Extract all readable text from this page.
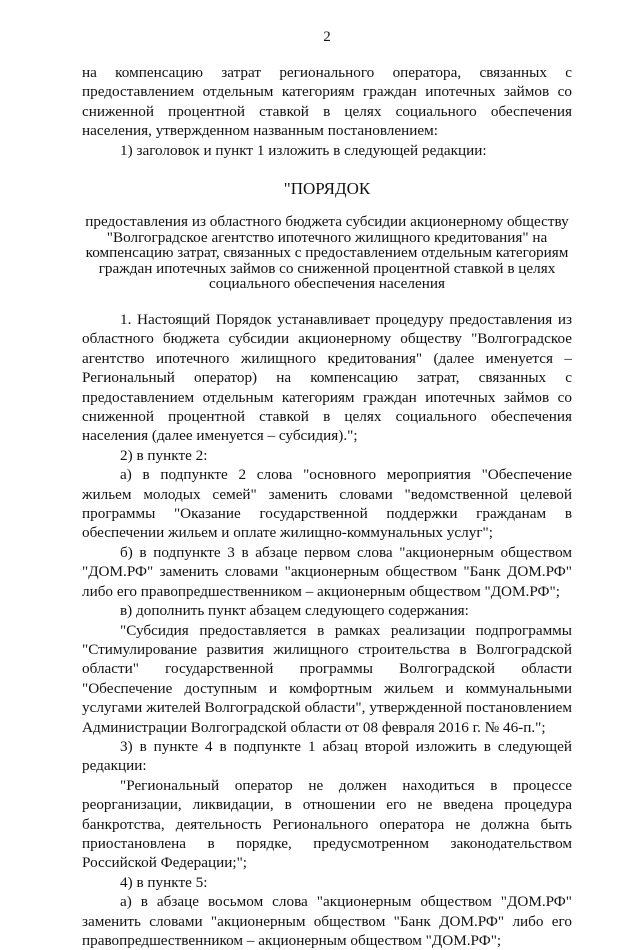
2

на компенсацию затрат регионального оператора, связанных с предоставлением отдельным категориям граждан ипотечных займов со сниженной процентной ставкой в целях социального обеспечения населения, утвержденном названным постановлением:

1) заголовок и пункт 1 изложить в следующей редакции:

"ПОРЯДОК

предоставления из областного бюджета субсидии акционерному обществу "Волгоградское агентство ипотечного жилищного кредитования" на компенсацию затрат, связанных с предоставлением отдельным категориям граждан ипотечных займов со сниженной процентной ставкой в целях социального обеспечения населения

1. Настоящий Порядок устанавливает процедуру предоставления из областного бюджета субсидии акционерному обществу "Волгоградское агентство ипотечного жилищного кредитования" (далее именуется – Региональный оператор) на компенсацию затрат, связанных с предоставлением отдельным категориям граждан ипотечных займов со сниженной процентной ставкой в целях социального обеспечения населения (далее именуется – субсидия).";

2) в пункте 2:

а) в подпункте 2 слова "основного мероприятия "Обеспечение жильем молодых семей" заменить словами "ведомственной целевой программы "Оказание государственной поддержки гражданам в обеспечении жильем и оплате жилищно-коммунальных услуг";

б) в подпункте 3 в абзаце первом слова "акционерным обществом "ДОМ.РФ" заменить словами "акционерным обществом "Банк ДОМ.РФ" либо его правопредшественником – акционерным обществом "ДОМ.РФ";

в) дополнить пункт абзацем следующего содержания:

"Субсидия предоставляется в рамках реализации подпрограммы "Стимулирование развития жилищного строительства в Волгоградской области" государственной программы Волгоградской области "Обеспечение доступным и комфортным жильем и коммунальными услугами жителей Волгоградской области", утвержденной постановлением Администрации Волгоградской области от 08 февраля 2016 г. № 46-п.";

3) в пункте 4 в подпункте 1 абзац второй изложить в следующей редакции:

"Региональный оператор не должен находиться в процессе реорганизации, ликвидации, в отношении его не введена процедура банкротства, деятельность Регионального оператора не должна быть приостановлена в порядке, предусмотренном законодательством Российской Федерации;";

4) в пункте 5:

а) в абзаце восьмом слова "акционерным обществом "ДОМ.РФ" заменить словами "акционерным обществом "Банк ДОМ.РФ" либо его правопредшественником – акционерным обществом "ДОМ.РФ";
